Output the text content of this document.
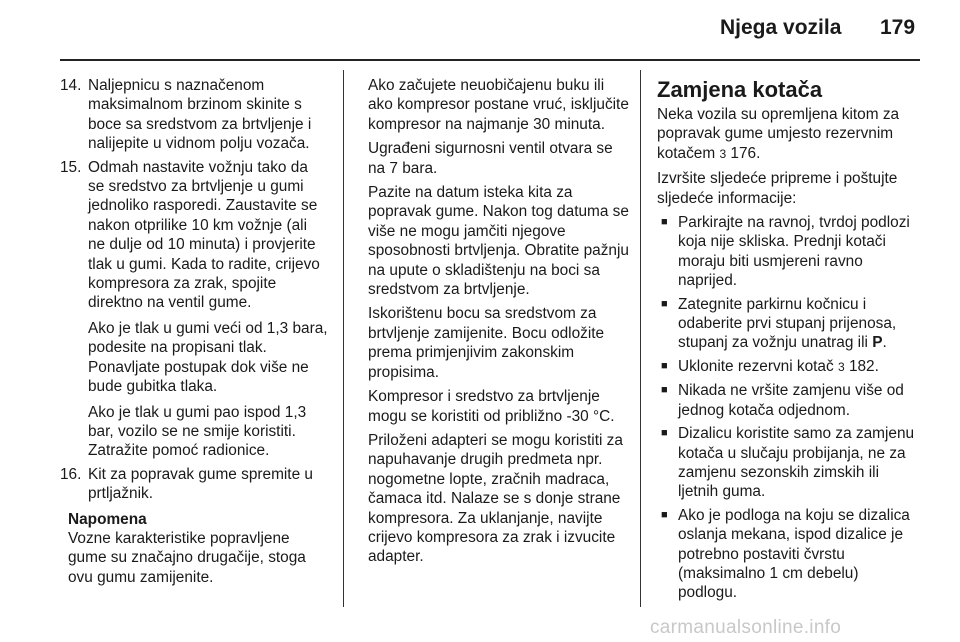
Njega vozila 179
14. Naljepnicu s naznačenom maksimalnom brzinom skinite s boce sa sredstvom za brtvljenje i nalijepite u vidnom polju vozača.

15. Odmah nastavite vožnju tako da se sredstvo za brtvljenje u gumi jednoliko rasporedi. Zaustavite se nakon otprilike 10 km vožnje (ali ne dulje od 10 minuta) i provjerite tlak u gumi. Kada to radite, crijevo kompresora za zrak, spojite direktno na ventil gume.

Ako je tlak u gumi veći od 1,3 bara, podesite na propisani tlak. Ponavljate postupak dok više ne bude gubitka tlaka.

Ako je tlak u gumi pao ispod 1,3 bar, vozilo se ne smije koristiti. Zatražite pomoć radionice.

16. Kit za popravak gume spremite u prtljažnik.

Napomena

Vozne karakteristike popravljene gume su značajno drugačije, stoga ovu gumu zamijenite.

Ako začujete neuobičajenu buku ili ako kompresor postane vruć, isključite kompresor na najmanje 30 minuta.

Ugrađeni sigurnosni ventil otvara se na 7 bara.

Pazite na datum isteka kita za popravak gume. Nakon tog datuma se više ne mogu jamčiti njegove sposobnosti brtvljenja. Obratite pažnju na upute o skladištenju na boci sa sredstvom za brtvljenje.

Iskorištenu bocu sa sredstvom za brtvljenje zamijenite. Bocu odložite prema primjenjivim zakonskim propisima.

Kompresor i sredstvo za brtvljenje mogu se koristiti od približno -30 °C.

Priloženi adapteri se mogu koristiti za napuhavanje drugih predmeta npr. nogometne lopte, zračnih madraca, čamaca itd. Nalaze se s donje strane kompresora. Za uklanjanje, navijte crijevo kompresora za zrak i izvucite adapter.

Zamjena kotača

Neka vozila su opremljena kitom za popravak gume umjesto rezervnim kotačem 3 176.

Izvršite sljedeće pripreme i poštujte sljedeće informacije:

■ Parkirajte na ravnoj, tvrdoj podlozi koja nije skliska. Prednji kotači moraju biti usmjereni ravno naprijed.
■ Zategnite parkirnu kočnicu i odaberite prvi stupanj prijenosa, stupanj za vožnju unatrag ili P.
■ Uklonite rezervni kotač 3 182.
■ Nikada ne vršite zamjenu više od jednog kotača odjednom.
■ Dizalicu koristite samo za zamjenu kotača u slučaju probijanja, ne za zamjenu sezonskih zimskih ili ljetnih guma.
■ Ako je podloga na koju se dizalica oslanja mekana, ispod dizalice je potrebno postaviti čvrstu (maksimalno 1 cm debelu) podlogu.
carmanualsonline.info
